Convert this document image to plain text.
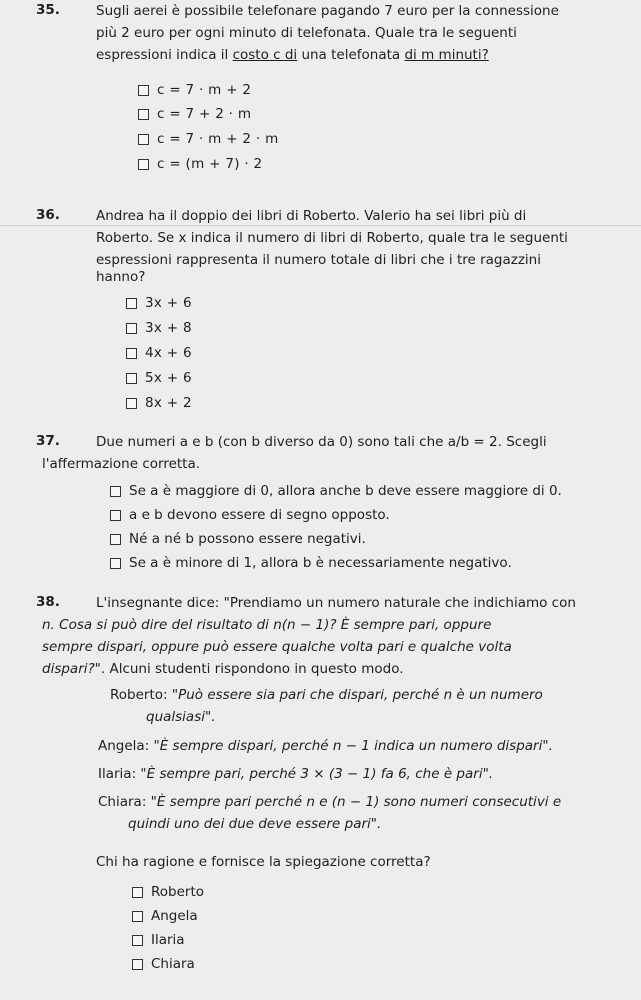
35.	Sugli aerei è possibile telefonare pagando 7 euro per la connessione
più 2 euro per ogni minuto di telefonata. Quale tra le seguenti
espressioni indica il costo c di una telefonata di m minuti?
c = 7 · m + 2
c = 7 + 2 · m
c = 7 · m + 2 · m
c = (m + 7) · 2
36.	Andrea ha il doppio dei libri di Roberto. Valerio ha sei libri più di
Roberto. Se x indica il numero di libri di Roberto, quale tra le seguenti
espressioni rappresenta il numero totale di libri che i tre ragazzini
hanno?
3x + 6
3x + 8
4x + 6
5x + 6
8x + 2
37.	Due numeri a e b (con b diverso da 0) sono tali che a/b = 2. Scegli
l'affermazione corretta.
Se a è maggiore di 0, allora anche b deve essere maggiore di 0.
a e b devono essere di segno opposto.
Né a né b possono essere negativi.
Se a è minore di 1, allora b è necessariamente negativo.
38.	L'insegnante dice: "Prendiamo un numero naturale che indichiamo con
n. Cosa si può dire del risultato di n(n − 1)? È sempre pari, oppure
sempre dispari, oppure può essere qualche volta pari e qualche volta
dispari?". Alcuni studenti rispondono in questo modo.
Roberto: "Può essere sia pari che dispari, perché n è un numero
qualsiasi".
Angela: "È sempre dispari, perché n − 1 indica un numero dispari".
Ilaria: "È sempre pari, perché 3 × (3 − 1) fa 6, che è pari".
Chiara: "È sempre pari perché n e (n − 1) sono numeri consecutivi e
quindi uno dei due deve essere pari".
Chi ha ragione e fornisce la spiegazione corretta?
Roberto
Angela
Ilaria
Chiara
